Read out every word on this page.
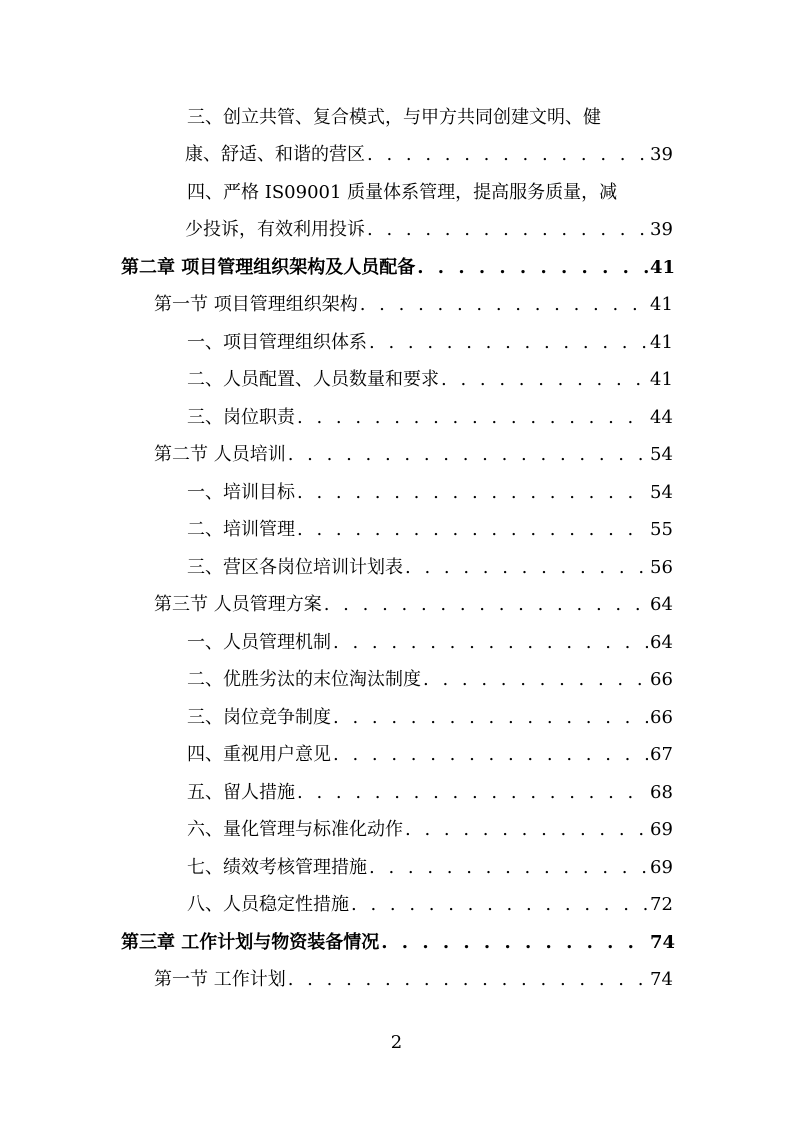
三、创立共管、复合模式，与甲方共同创建文明、健
康、舒适、和谐的营区 . . .	39
四、严格 IS09001 质量体系管理，提高服务质量，减
少投诉，有效利用投诉 . . .	39
第二章 项目管理组织架构及人员配备 . . .	41
第一节 项目管理组织架构 . . .	41
一、项目管理组织体系 . . .	41
二、人员配置、人员数量和要求 . . .	41
三、岗位职责 . . .	44
第二节 人员培训 . . .	54
一、培训目标 . . .	54
二、培训管理 . . .	55
三、营区各岗位培训计划表 . . .	56
第三节 人员管理方案 . . .	64
一、人员管理机制 . . .	64
二、优胜劣汰的末位淘汰制度 . . .	66
三、岗位竞争制度 . . .	66
四、重视用户意见 . . .	67
五、留人措施 . . .	68
六、量化管理与标准化动作 . . .	69
七、绩效考核管理措施 . . .	69
八、人员稳定性措施 . . .	72
第三章 工作计划与物资装备情况 . . .	74
第一节 工作计划 . . .	74
2
